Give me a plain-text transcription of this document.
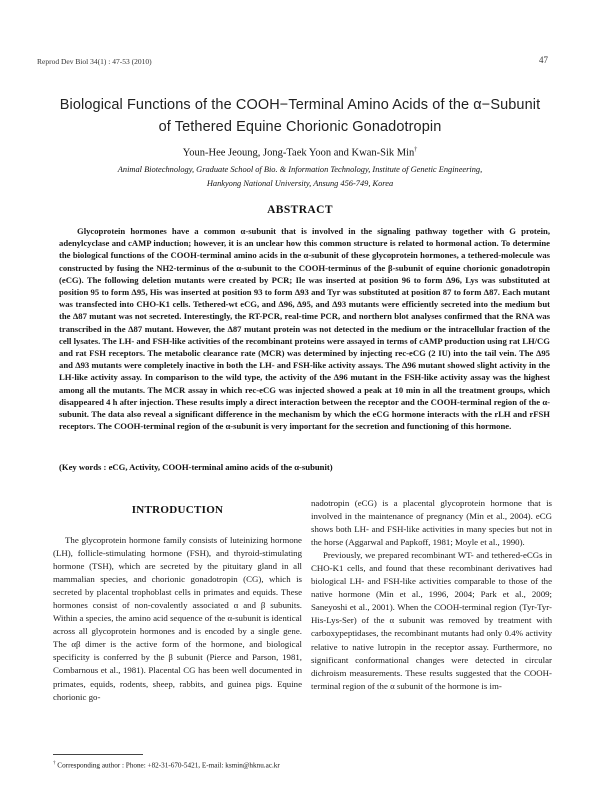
Reprod Dev Biol 34(1) : 47-53 (2010)	47
Biological Functions of the COOH−Terminal Amino Acids of the α−Subunit
of Tethered Equine Chorionic Gonadotropin
Youn-Hee Jeoung, Jong-Taek Yoon and Kwan-Sik Min†
Animal Biotechnology, Graduate School of Bio. & Information Technology, Institute of Genetic Engineering,
Hankyong National University, Ansung 456-749, Korea
ABSTRACT
Glycoprotein hormones have a common α-subunit that is involved in the signaling pathway together with G protein, adenylcyclase and cAMP induction; however, it is an unclear how this common structure is related to hormonal action. To determine the biological functions of the COOH-terminal amino acids in the α-subunit of these glycoprotein hormones, a tethered-molecule was constructed by fusing the NH2-terminus of the α-subunit to the COOH-terminus of the β-subunit of equine chorionic gonadotropin (eCG). The following deletion mutants were created by PCR; Ile was inserted at position 96 to form Δ96, Lys was substituted at position 95 to form Δ95, His was inserted at position 93 to form Δ93 and Tyr was substituted at position 87 to form Δ87. Each mutant was transfected into CHO-K1 cells. Tethered-wt eCG, and Δ96, Δ95, and Δ93 mutants were efficiently secreted into the medium but the Δ87 mutant was not secreted. Interestingly, the RT-PCR, real-time PCR, and northern blot analyses confirmed that the RNA was transcribed in the Δ87 mutant. However, the Δ87 mutant protein was not detected in the medium or the intracellular fraction of the cell lysates. The LH- and FSH-like activities of the recombinant proteins were assayed in terms of cAMP production using rat LH/CG and rat FSH receptors. The metabolic clearance rate (MCR) was determined by injecting rec-eCG (2 IU) into the tail vein. The Δ95 and Δ93 mutants were completely inactive in both the LH- and FSH-like activity assays. The Δ96 mutant showed slight activity in the LH-like activity assay. In comparison to the wild type, the activity of the Δ96 mutant in the FSH-like activity assay was the highest among all the mutants. The MCR assay in which rec-eCG was injected showed a peak at 10 min in all the treatment groups, which disappeared 4 h after injection. These results imply a direct interaction between the receptor and the COOH-terminal region of the α-subunit. The data also reveal a significant difference in the mechanism by which the eCG hormone interacts with the rLH and rFSH receptors. The COOH-terminal region of the α-subunit is very important for the secretion and functioning of this hormone.
(Key words : eCG, Activity, COOH-terminal amino acids of the α-subunit)
INTRODUCTION

The glycoprotein hormone family consists of luteinizing hormone (LH), follicle-stimulating hormone (FSH), and thyroid-stimulating hormone (TSH), which are secreted by the pituitary gland in all mammalian species, and chorionic gonadotropin (CG), which is secreted by placental trophoblast cells in primates and equids. These hormones consist of non-covalently associated α and β subunits. Within a species, the amino acid sequence of the α-subunit is identical across all glycoprotein hormones and is encoded by a single gene. The αβ dimer is the active form of the hormone, and biological specificity is conferred by the β subunit (Pierce and Parson, 1981, Combarnous et al., 1981). Placental CG has been well documented in primates, equids, rodents, sheep, rabbits, and guinea pigs. Equine chorionic go-

nadotropin (eCG) is a placental glycoprotein hormone that is involved in the maintenance of pregnancy (Min et al., 2004). eCG shows both LH- and FSH-like activities in many species but not in the horse (Aggarwal and Papkoff, 1981; Moyle et al., 1990).

Previously, we prepared recombinant WT- and tethered-eCGs in CHO-K1 cells, and found that these recombinant derivatives had biological LH- and FSH-like activities comparable to those of the native hormone (Min et al., 1996, 2004; Park et al., 2009; Saneyoshi et al., 2001). When the COOH-terminal region (Tyr-Tyr-His-Lys-Ser) of the α subunit was removed by treatment with carboxypeptidases, the recombinant mutants had only 0.4% activity relative to native lutropin in the receptor assay. Furthermore, no significant conformational changes were detected in circular dichroism measurements. These results suggested that the COOH-terminal region of the α subunit of the hormone is im-

† Corresponding author : Phone: +82-31-670-5421, E-mail: ksmin@hknu.ac.kr
